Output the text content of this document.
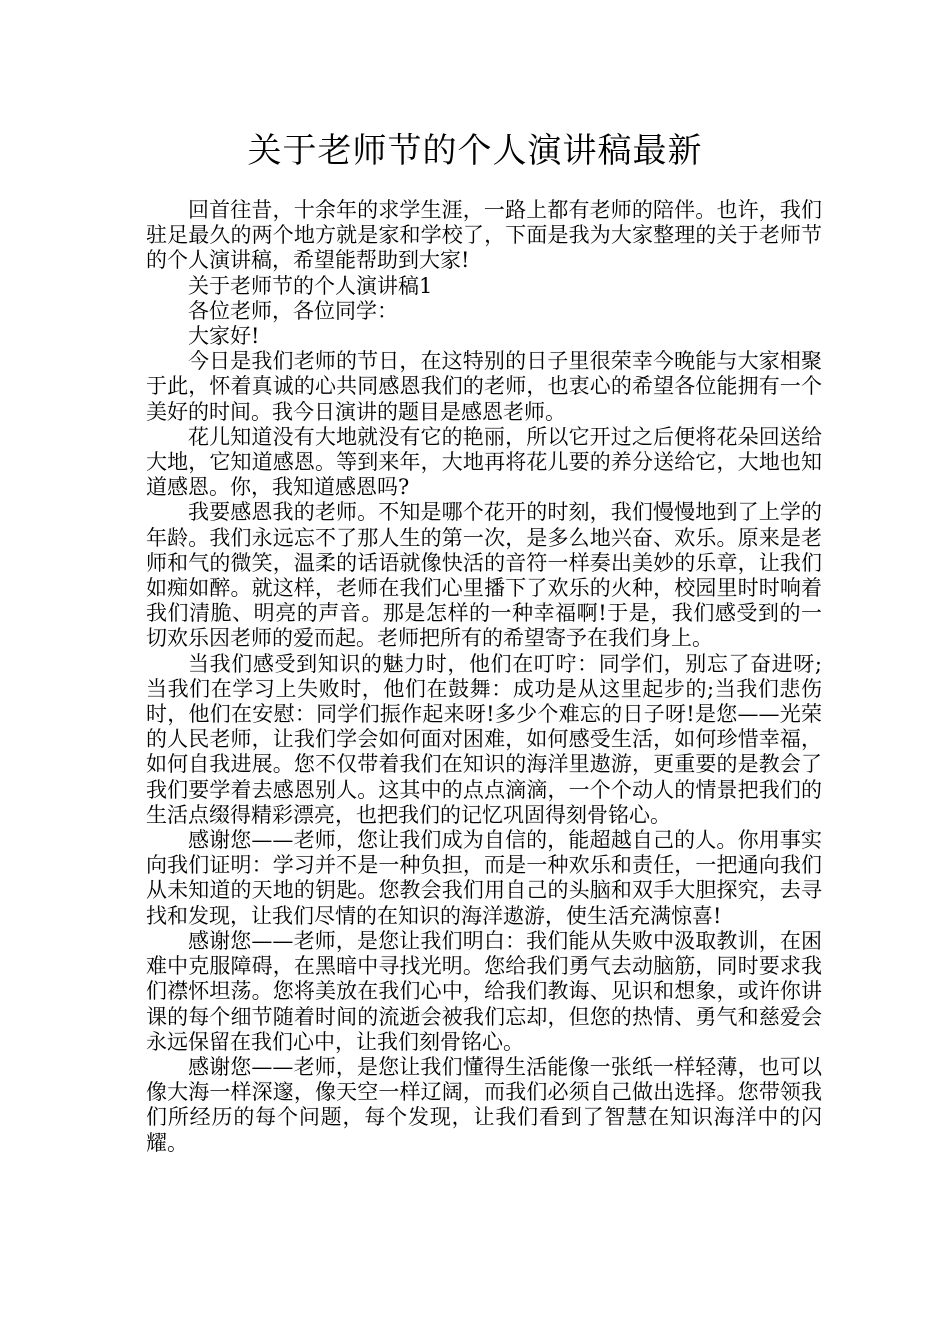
关于老师节的个人演讲稿最新

回首往昔，十余年的求学生涯，一路上都有老师的陪伴。也许，我们驻足最久的两个地方就是家和学校了，下面是我为大家整理的关于老师节的个人演讲稿，希望能帮助到大家!

关于老师节的个人演讲稿1

各位老师，各位同学：

大家好!

今日是我们老师的节日，在这特别的日子里很荣幸今晚能与大家相聚于此，怀着真诚的心共同感恩我们的老师，也衷心的希望各位能拥有一个美好的时间。我今日演讲的题目是感恩老师。

花儿知道没有大地就没有它的艳丽，所以它开过之后便将花朵回送给大地，它知道感恩。等到来年，大地再将花儿要的养分送给它，大地也知道感恩。你，我知道感恩吗?

我要感恩我的老师。不知是哪个花开的时刻，我们慢慢地到了上学的年龄。我们永远忘不了那人生的第一次，是多么地兴奋、欢乐。原来是老师和气的微笑，温柔的话语就像快活的音符一样奏出美妙的乐章，让我们如痴如醉。就这样，老师在我们心里播下了欢乐的火种，校园里时时响着我们清脆、明亮的声音。那是怎样的一种幸福啊!于是，我们感受到的一切欢乐因老师的爱而起。老师把所有的希望寄予在我们身上。

当我们感受到知识的魅力时，他们在叮咛：同学们，别忘了奋进呀;当我们在学习上失败时，他们在鼓舞：成功是从这里起步的;当我们悲伤时，他们在安慰：同学们振作起来呀!多少个难忘的日子呀!是您——光荣的人民老师，让我们学会如何面对困难，如何感受生活，如何珍惜幸福，如何自我进展。您不仅带着我们在知识的海洋里遨游，更重要的是教会了我们要学着去感恩别人。这其中的点点滴滴，一个个动人的情景把我们的生活点缀得精彩漂亮，也把我们的记忆巩固得刻骨铭心。

感谢您——老师，您让我们成为自信的，能超越自己的人。你用事实向我们证明：学习并不是一种负担，而是一种欢乐和责任，一把通向我们从未知道的天地的钥匙。您教会我们用自己的头脑和双手大胆探究，去寻找和发现，让我们尽情的在知识的海洋遨游，使生活充满惊喜!

感谢您——老师，是您让我们明白：我们能从失败中汲取教训，在困难中克服障碍，在黑暗中寻找光明。您给我们勇气去动脑筋，同时要求我们襟怀坦荡。您将美放在我们心中，给我们教诲、见识和想象，或许你讲课的每个细节随着时间的流逝会被我们忘却，但您的热情、勇气和慈爱会永远保留在我们心中，让我们刻骨铭心。

感谢您——老师，是您让我们懂得生活能像一张纸一样轻薄，也可以像大海一样深邃，像天空一样辽阔，而我们必须自己做出选择。您带领我们所经历的每个问题，每个发现，让我们看到了智慧在知识海洋中的闪耀。
